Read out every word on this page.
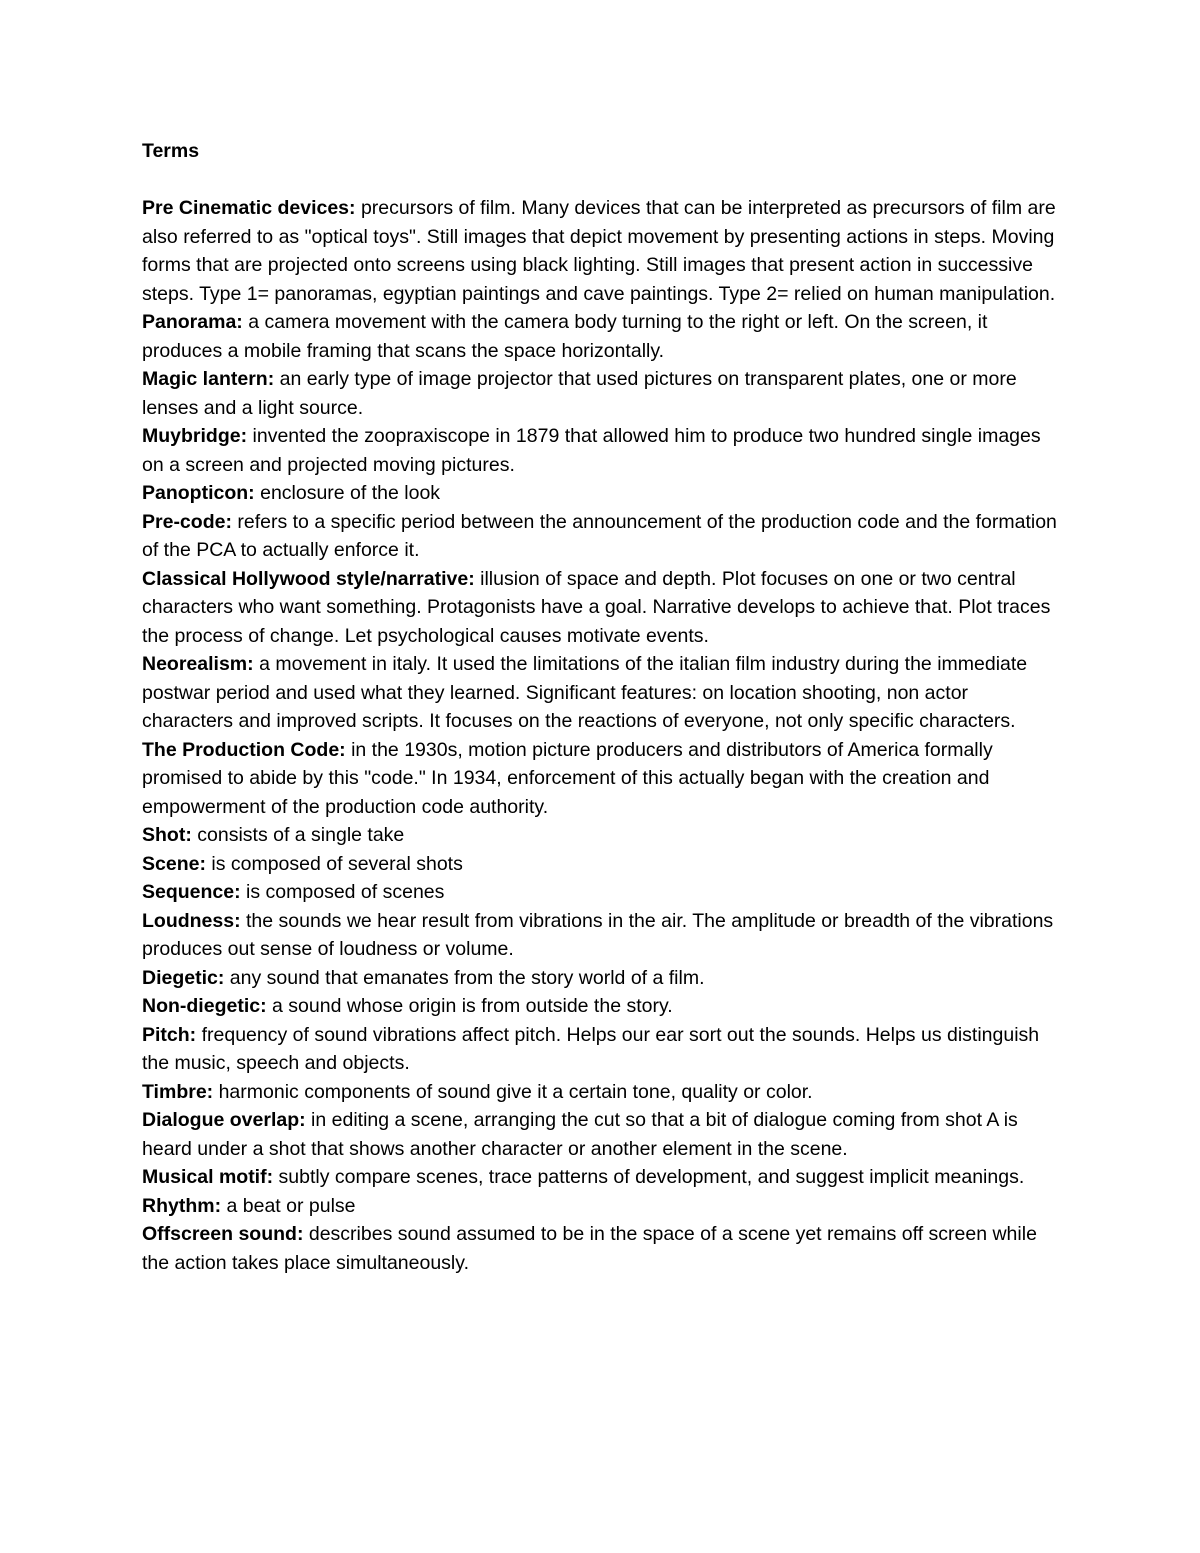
Terms

Pre Cinematic devices: precursors of film. Many devices that can be interpreted as precursors of film are also referred to as "optical toys". Still images that depict movement by presenting actions in steps. Moving forms that are projected onto screens using black lighting. Still images that present action in successive steps. Type 1= panoramas, egyptian paintings and cave paintings. Type 2= relied on human manipulation.

Panorama: a camera movement with the camera body turning to the right or left. On the screen, it produces a mobile framing that scans the space horizontally.

Magic lantern: an early type of image projector that used pictures on transparent plates, one or more lenses and a light source.

Muybridge: invented the zoopraxiscope in 1879 that allowed him to produce two hundred single images on a screen and projected moving pictures.

Panopticon: enclosure of the look

Pre-code: refers to a specific period between the announcement of the production code and the formation of the PCA to actually enforce it.

Classical Hollywood style/narrative: illusion of space and depth. Plot focuses on one or two central characters who want something. Protagonists have a goal. Narrative develops to achieve that. Plot traces the process of change. Let psychological causes motivate events.

Neorealism: a movement in italy. It used the limitations of the italian film industry during the immediate postwar period and used what they learned. Significant features: on location shooting, non actor characters and improved scripts. It focuses on the reactions of everyone, not only specific characters.

The Production Code: in the 1930s, motion picture producers and distributors of America formally promised to abide by this "code." In 1934, enforcement of this actually began with the creation and empowerment of the production code authority.

Shot: consists of a single take

Scene: is composed of several shots

Sequence: is composed of scenes

Loudness: the sounds we hear result from vibrations in the air. The amplitude or breadth of the vibrations produces out sense of loudness or volume.

Diegetic: any sound that emanates from the story world of a film.

Non-diegetic: a sound whose origin is from outside the story.

Pitch: frequency of sound vibrations affect pitch. Helps our ear sort out the sounds. Helps us distinguish the music, speech and objects.

Timbre: harmonic components of sound give it a certain tone, quality or color.

Dialogue overlap: in editing a scene, arranging the cut so that a bit of dialogue coming from shot A is heard under a shot that shows another character or another element in the scene.

Musical motif: subtly compare scenes, trace patterns of development, and suggest implicit meanings.

Rhythm: a beat or pulse

Offscreen sound: describes sound assumed to be in the space of a scene yet remains off screen while the action takes place simultaneously.
